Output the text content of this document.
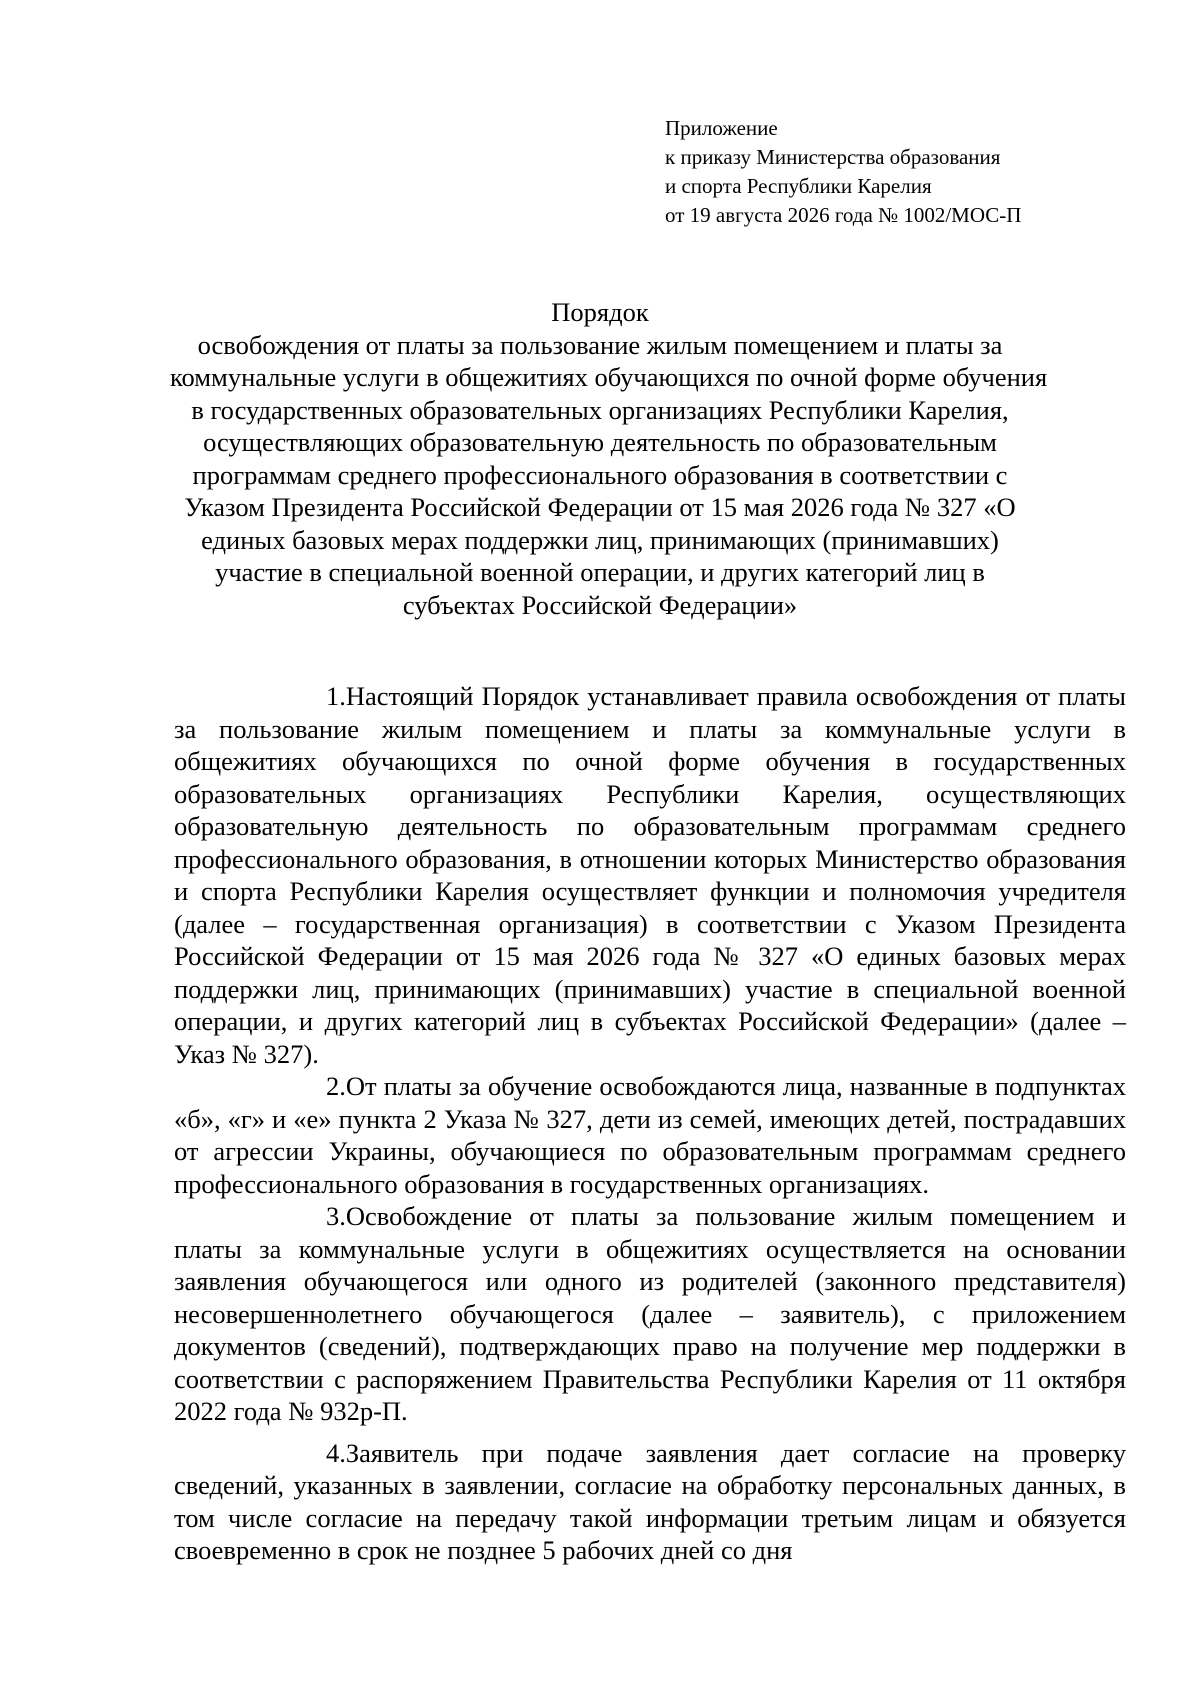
Приложение
к приказу Министерства образования
и спорта Республики Карелия
от 19 августа 2026 года № 1002/МОС-П
Порядок
освобождения от платы за пользование жилым помещением и платы за
коммунальные услуги в общежитиях обучающихся по очной форме обучения
в государственных образовательных организациях Республики Карелия,
осуществляющих образовательную деятельность по образовательным
программам среднего профессионального образования в соответствии с
Указом Президента Российской Федерации от 15 мая 2026 года № 327 «О
единых базовых мерах поддержки лиц, принимающих (принимавших)
участие в специальной военной операции, и других категорий лиц в
субъектах Российской Федерации»

1.Настоящий Порядок устанавливает правила освобождения от платы за пользование жилым помещением и платы за коммунальные услуги в общежитиях обучающихся по очной форме обучения в государственных образовательных организациях Республики Карелия, осуществляющих образовательную деятельность по образовательным программам среднего профессионального образования, в отношении которых Министерство образования и спорта Республики Карелия осуществляет функции и полномочия учредителя (далее – государственная организация) в соответствии с Указом Президента Российской Федерации от 15 мая 2026 года № 327 «О единых базовых мерах поддержки лиц, принимающих (принимавших) участие в специальной военной операции, и других категорий лиц в субъектах Российской Федерации» (далее – Указ № 327).

2.От платы за обучение освобождаются лица, названные в подпунктах «б», «г» и «е» пункта 2 Указа № 327, дети из семей, имеющих детей, пострадавших от агрессии Украины, обучающиеся по образовательным программам среднего профессионального образования в государственных организациях.

3.Освобождение от платы за пользование жилым помещением и платы за коммунальные услуги в общежитиях осуществляется на основании заявления обучающегося или одного из родителей (законного представителя) несовершеннолетнего обучающегося (далее – заявитель), с приложением документов (сведений), подтверждающих право на получение мер поддержки в соответствии с распоряжением Правительства Республики Карелия от 11 октября 2022 года № 932р-П.

4.Заявитель при подаче заявления дает согласие на проверку сведений, указанных в заявлении, согласие на обработку персональных данных, в том числе согласие на передачу такой информации третьим лицам и обязуется своевременно в срок не позднее 5 рабочих дней со дня
